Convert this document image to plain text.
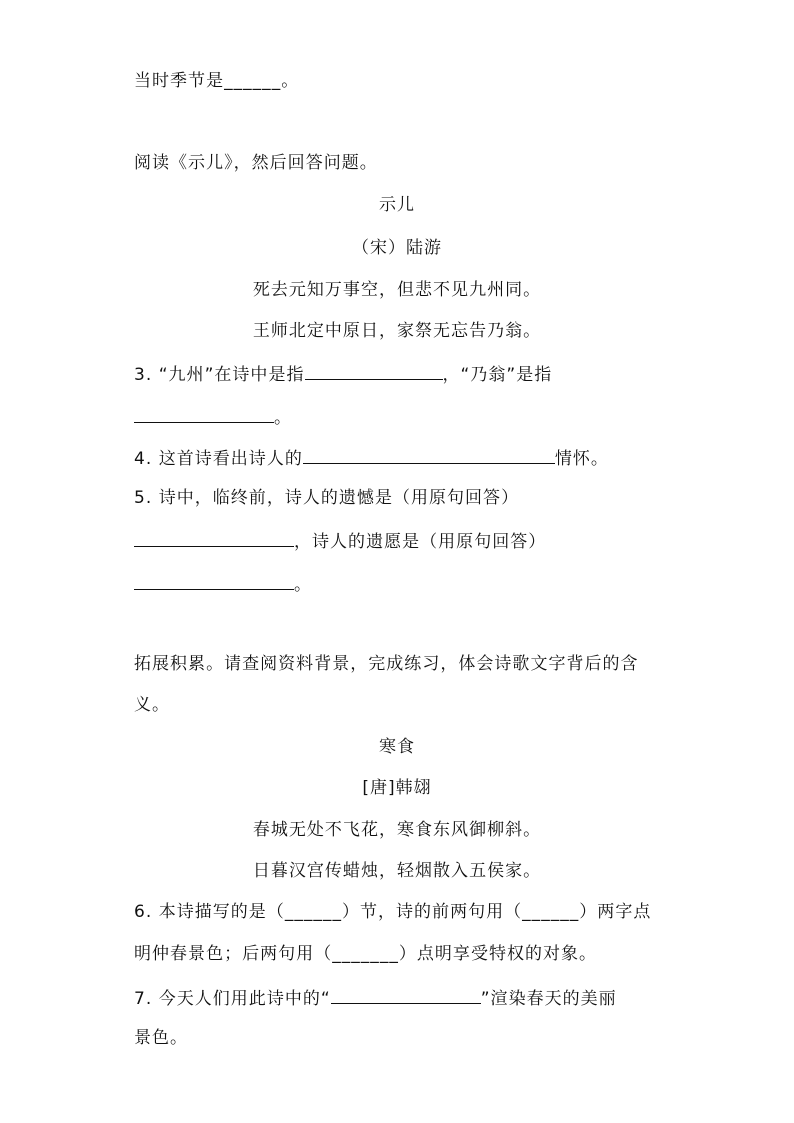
当时季节是______。
阅读《示儿》，然后回答问题。
示儿
（宋）陆游
死去元知万事空，但悲不见九州同。
王师北定中原日，家祭无忘告乃翁。
3. “九州”在诗中是指	，“乃翁”是指
。
4. 这首诗看出诗人的	情怀。
5. 诗中，临终前，诗人的遗憾是（用原句回答）
，诗人的遗愿是（用原句回答）
。
拓展积累。请查阅资料背景，完成练习，体会诗歌文字背后的含
义。
寒食
[唐]韩翃
春城无处不飞花，寒食东风御柳斜。
日暮汉宫传蜡烛，轻烟散入五侯家。
6. 本诗描写的是（______）节，诗的前两句用（______）两字点
明仲春景色；后两句用（_______）点明享受特权的对象。
7. 今天人们用此诗中的“	”渲染春天的美丽
景色。
